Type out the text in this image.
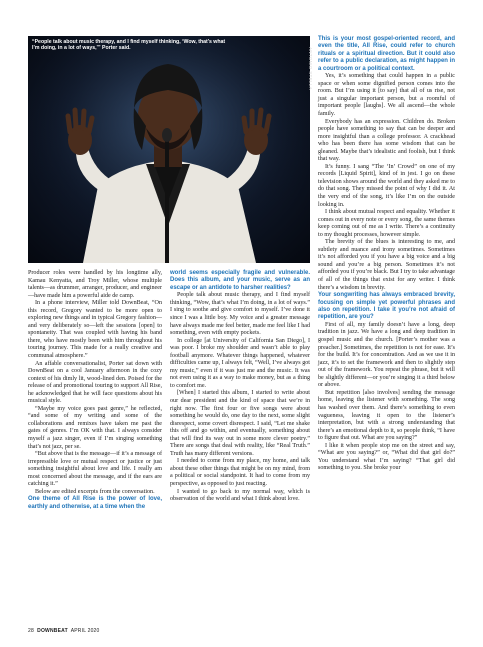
“People talk about music therapy, and I find myself thinking, ‘Wow, that’s what I’m doing, in a lot of ways,’” Porter said.	ANTONIO STELLA

Producer roles were handled by his longtime ally, Kamau Kenyatta, and Troy Miller, whose multiple talents—as drummer, arranger, producer, and engineer—have made him a powerful aide de camp.

In a phone interview, Miller told DownBeat, “On this record, Gregory wanted to be more open to exploring new things and in typical Gregory fashion—and very deliberately so—left the sessions [open] to spontaneity. That was coupled with having his band there, who have mostly been with him throughout his touring journey. This made for a really creative and communal atmosphere.”

An affable conversationalist, Porter sat down with DownBeat on a cool January afternoon in the cozy context of his dimly lit, wood-lined den. Poised for the release of and promotional touring to support All Rise, he acknowledged that he will face questions about his musical style.

“Maybe my voice goes past genre,” he reflected, “and some of my writing and some of the collaborations and remixes have taken me past the gates of genres. I’m OK with that. I always consider myself a jazz singer, even if I’m singing something that’s not jazz, per se.

“But above that is the message—if it’s a message of irrepressible love or mutual respect or justice or just something insightful about love and life. I really am most concerned about the message, and if the ears are catching it.”

Below are edited excerpts from the conversation.

One theme of All Rise is the power of love, earthly and otherwise, at a time when the

world seems especially fragile and vulnerable. Does this album, and your music, serve as an escape or an antidote to harsher realities?

People talk about music therapy, and I find myself thinking, “Wow, that’s what I’m doing, in a lot of ways.” I sing to soothe and give comfort to myself. I’ve done it since I was a little boy. My voice and a greater message have always made me feel better, made me feel like I had something, even with empty pockets.

In college [at University of California San Diego], I was poor. I broke my shoulder and wasn’t able to play football anymore. Whatever things happened, whatever difficulties came up, I always felt, “Well, I’ve always got my music,” even if it was just me and the music. It was not even using it as a way to make money, but as a thing to comfort me.

[When] I started this album, I started to write about our dear president and the kind of space that we’re in right now. The first four or five songs were about something he would do, one day to the next, some slight disrespect, some covert disrespect. I said, “Let me shake this off and go within, and eventually, something about that will find its way out in some more clever poetry.” There are songs that deal with reality, like “Real Truth.” Truth has many different versions.

I needed to come from my place, my home, and talk about these other things that might be on my mind, from a political or social standpoint. It had to come from my perspective, as opposed to just reacting.

I wanted to go back to my normal way, which is observation of the world and what I think about love.

This is your most gospel-oriented record, and even the title, All Rise, could refer to church rituals or a spiritual direction. But it could also refer to a public declaration, as might happen in a courtroom or a political context.

Yes, it’s something that could happen in a public space or when some dignified person comes into the room. But I’m using it [to say] that all of us rise, not just a singular important person, but a roomful of important people [laughs]. We all ascend—the whole family.

Everybody has an expression. Children do. Broken people have something to say that can be deeper and more insightful than a college professor. A crackhead who has been there has some wisdom that can be gleaned. Maybe that’s idealistic and foolish, but I think that way.

It’s funny. I sang “The ‘In’ Crowd” on one of my records [Liquid Spirit], kind of in jest. I go on these television shows around the world and they asked me to do that song. They missed the point of why I did it. At the very end of the song, it’s like I’m on the outside looking in.

I think about mutual respect and equality. Whether it comes out in every note or every song, the same themes keep coming out of me as I write. There’s a continuity to my thought processes, however simple.

The brevity of the blues is interesting to me, and subtlety and nuance and irony sometimes. Sometimes it’s not afforded you if you have a big voice and a big sound and you’re a big person. Sometimes it’s not afforded you if you’re black. But I try to take advantage of all of the things that exist for any writer. I think there’s a wisdom in brevity.

Your songwriting has always embraced brevity, focusing on simple yet powerful phrases and also on repetition. I take it you’re not afraid of repetition, are you?

First of all, my family doesn’t have a long, deep tradition in jazz. We have a long and deep tradition in gospel music and the church. [Porter’s mother was a preacher.] Sometimes, the repetition is not for ease. It’s for the build. It’s for concentration. And as we use it in jazz, it’s to set the framework and then to slightly step out of the framework. You repeat the phrase, but it will be slightly different—or you’re singing it a third below or above.

But repetition [also involves] sending the message home, leaving the listener with something. The song has washed over them. And there’s something to even vagueness, leaving it open to the listener’s interpretation, but with a strong understanding that there’s an emotional depth to it, so people think, “I have to figure that out. What are you saying?”

I like it when people stop me on the street and say, “What are you saying?” or, “What did that girl do?” You understand what I’m saying? “That girl did something to you. She broke your

28 DOWNBEAT APRIL 2020
